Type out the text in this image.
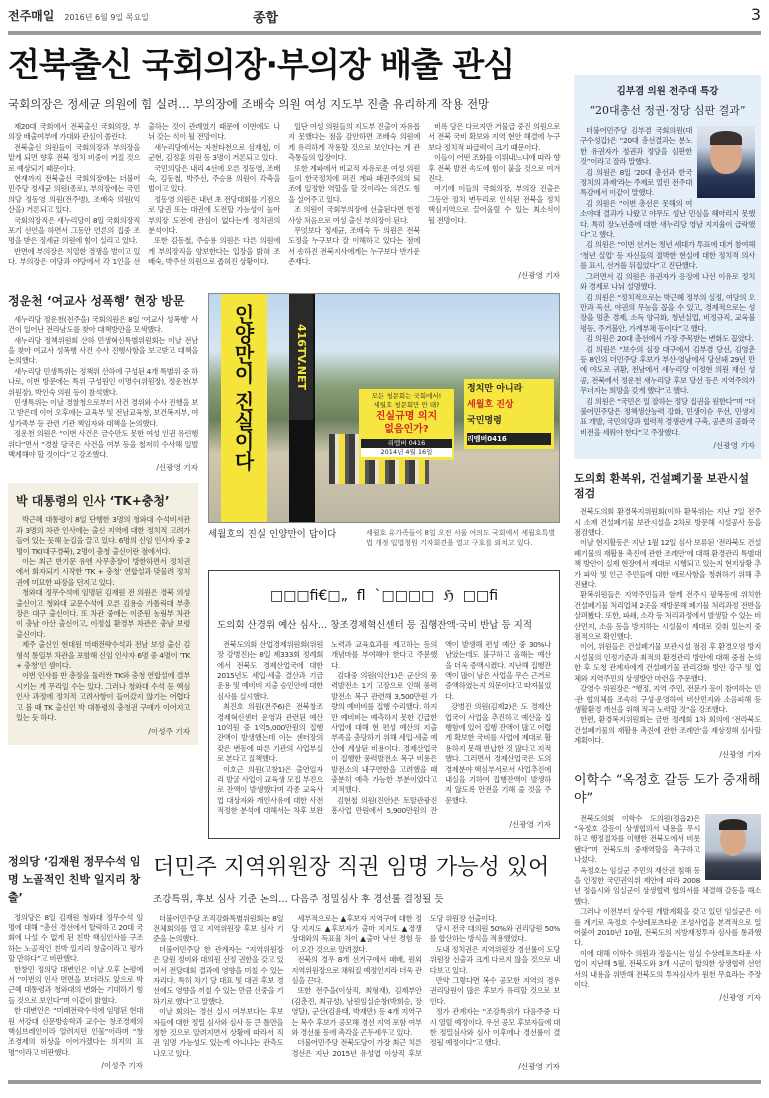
전주매일 2016년 6월 9일 목요일	종합	3
전북출신 국회의장·부의장 배출 관심
국회의장은 정세균 의원에 힘 실려… 부의장에 조배숙 의원 여성 지도부 진출 유리하게 작용 전망

제20대 국회에서 전북출신 국회의장, 부의장 배출여부에 가대와 관심이 쏠린다.

전북출신 의원들이 국회의장과 부의장을 맡게 되면 향후 전북 정치 비중이 커질 것으로 예상되기 때문이다.

현재까지 전북출신 국회의장에는 더불어민주당 정세균 의원(종로), 부의장에는 국민의당 정동영 의원(전주병), 조배숙 의원(익산을) 거론되고 있다.

국회의장직은 새누리당이 8일 국회의장직 포기 선언을 하면서 그동안 언론의 집중 조명을 받은 정세균 의원에 힘이 실리고 있다.

반면에 부의장은 치열한 경쟁을 벌이고 있다. 부의장은 여당과 야당에서 각 1인을 선출하는 것이 관례였기 때문에 이번에도 나뉘 갖는 식이 될 전망이다.

새누리당에서는 자천타천으로 심재철, 이군현, 김정훈 의원 등 3명이 거론되고 있다.

국민의당은 내리 4선에 오른 정동영, 조배숙, 김동철, 박주선, 주승용 의원이 각축을 벌이고 있다.

정동영 의원은 내년 초 전당대회를 기점으로 당권 또는 대권에 도전할 가능성이 높아 부의장 도전에 관심이 없다는게 정치권의 분석이다.

또한 김동철, 주승용 의원은 다른 의원에게 부의장직을 양보한다는 입장을 밝혀 조배숙, 박주선 의원으로 좁혀진 상황이다.

일단 여성 의원들의 지도부 진출이 자유롭지 못했다는 점을 감안하면 조배숙 의원에게 유리하게 작용할 것으로 보인다는 게 관측통들의 입장이다.

또한 계파에서 비교적 자유로운 여성 의원들이 한국정치에 퍼진 계파 패권주의의 퇴조에 일정한 역할을 할 것이라는 의견도 힘을 실어주고 있다.

조 의원이 국회부의장에 선출된다면 헌정사상 처음으로 여성 출신 부의장이 된다.

무엇보다 정세균, 조배숙 두 의원은 전북도정을 누구보다 잘 이해하고 있다는 점에서 송하진 전북지사에게는 누구보다 반가운 존재다.

비록 당은 다르지만 거물급 중진 의원으로서 전북 국비 확보와 지역 현안 해결에 누구보다 정치적 파급력이 크기 때문이다.

이들이 어떤 조화를 이뤄내느냐에 따라 향후 전북 발전 속도에 힘이 붙을 것으로 여겨진다.

여기에 이들의 국회의장, 부의장 진출은 그동안 정치 변두리로 인식된 전북을 정치 핵심지역으로 끌어올릴 수 있는 최소식이 될 전망이다.

/신광영 기자
정운천 ‘여교사 성폭행’ 현장 방문

새누리당 정운천(전주을) 국회의원은 8일 ‘여교사 성폭행’ 사건이 일어난 전라남도를 찾아 대책방안을 모색했다.

새누리당 정책위원회 산하 민생혁신특별위원회는 이날 전남을 찾아 여교사 성폭행 사건 수사 진행사항을 보고받고 대책을 논의했다.

새누리당 민생특위는 정책위 산하에 구성된 4개 특별위 중 하나로, 이번 방문에는 특위 구성원인 이명수(위원장), 정운천(부위원장), 박인숙 의원 등이 참석했다.

민생특위는 이날 경찰청으로부터 사건 경위와 수사 진행을 보고 받은데 이어 오후에는 교육부 및 전남교육청, 보건복지부, 여성가족부 등 관련 기관 책임자와 대책을 논의했다.

정운천 의원은 “이번 사건은 금수만도 못한 여성 인권 유린행위다”면서 “경찰 당국은 사건을 여부 등을 철저히 수사해 일벌백계해야 할 것이다”고 강조했다.

/신광영 기자
박 대통령의 인사 ‘TK+충청’

박근혜 대통령이 8일 단행한 3명의 청와대 수석비서관과 3명의 차관 인사에는 출신 지역에 대한 정치적 고려가 들어 있는 듯해 눈길을 끌고 있다. 6명의 신임 인사자 중 2명이 TK(대구경북), 2명이 충청 출신이란 점에서다.

이는 최근 반기문 유엔 사무총장이 방한하면서 정치권에서 회자되기 시작한 ‘TK + 충청’ 연합설과 맞물려 정치권에 미묘한 파장을 던지고 있다.

청와대 정무수석에 임명된 김재원 전 의원은 경북 의성 출신이고 청와대 교문수석에 오른 김용승 가톨릭대 부총장은 대구 출신이다. 또 차관 중에는 이준원 농림부 차관이 충남 아산 출신이고, 이정섭 환경부 차관은 충남 보령 출신이다.

제주 출신인 현대원 미래전략수석과 전남 보성 출신 김형석 통일부 차관을 포함해 신임 인사자 6명 중 4명이 ‘TK + 충청’인 셈이다.

이번 인사를 반 총장을 둘러싼 TK와 충청 연합설에 결부시키는 게 무리일 수는 있다. 그러나 청와대 수석 등 핵심 인사 과정에 정치적 고려사항이 들어갔지 않기는 어렵다고 볼 때 TK 출신인 박 대통령의 충청권 구애가 이어지고 있는 듯 하다.

/이성주 기자
인양만이 진실이다	416TV.NET
모든 청문회는 국회에서!
세월호 청문회만 안 돼?
진실규명 의지
없음인가?
리멤버 0416
2014년 4월 16일
정치만 아니라
세월호 진상
국민명령
리멤버0416
세월호의 진실 인양만이 답이다	세월호 유가족들이 8일 오전 서울 여의도 국회에서 세월호특별법 개정 입법청원 기자회견을 열고 구호를 외치고 있다.
□□□ﬁ€□„  ﬂ  ˋ□□□□  ℌ  □□ﬁ
도의회 산경위 예산 심사… 창조경제혁신센터 등 집행잔액·국비 반납 등 지적

전북도의회 산업경제위원회(위원장 강병진)는 8일 제333회 정례회에서 전북도 경제산업국에 대한 2015년도 세입·세출 결산과 기금운용 및 예비비 지출 승인안에 대한 심사를 실시했다.

최진호 의원(전주6)은 전북창조경제혁신센터 운영과 관련된 예산 10억원 중 1억5,000만원의 집행잔액이 발생했는데 이는 센터장의 잦은 변동에 따른 기관의 사업부실로 본다고 질책했다.

이호근 의원(고창1)은 출연일자리 발굴 사업이 교육생 모집 부진으로 잔액이 발생했다며 각종 교육사업 대상자와 개인사유에 대한 사전 적정한 분석에 대해서는 차후 보완 노력과 교육효과를 제고하는 등의 개념마를 부여해야 한다고 주문했다.

김대중 의원(익산1)은 군산의 풍력발전소 1기 고장으로 인해 풍력발전소 복구 관련해 3,500만원 가량의 예비비를 집행 수리했다. 하지만 예비비는 예측하지 못한 긴급한 사업에 대해 현 편성 예산의 지출 부족을 충당하기 위해 세입·세출 예산에 계상된 비용이다. 경제산업국이 집행한 풍력발전소 복구 비용은 발전소의 내구연한을 고려했을 때 충분히 예측 가능한 부분이었다고 지적했다.

김현철 의원(진안)은 토탈관광진흥사업 만원에서 5,900만원의 잔액이 발생해 편성 예산 중 30%나 남았는데도 불구하고 올해는 예산을 더욱 증액시켰다. 지난해 집행잔액이 많이 남은 사업을 무슨 근거로 증액하였는지 의문이다고 따져물었다.

강병진 의원(김제2)은 도 경제산업국이 사업을 추진하고 예산을 집행함에 있어 집행 잔액이 많고 어렵게 확보한 국비를 사업에 제대로 활용하지 못해 반납한 것 많다고 지적했다. 그러면서 경제산업국은 도의 경제분야 핵심부서로서 사업추진에 내실을 기하여 집행잔액이 발생하지 않도록 만전을 기해 줄 것을 주문했다.

/신광영 기자
정의당 ‘김재원 정무수석 임명 노골적인 친박 일지리 창출’

정의당은 8일 김재원 청와대 정무수석 임명에 대해 “총선 경선에서 탈락하고 20대 국회에 나설 수 없게 된 친박 핵심인사를 구조하는 노골적인 친박 일지리 창출이라고 평가할 만하다”고 비판했다.

한창민 정의당 대변인은 이날 오후 논평에서 “이번의 인사 면면을 보더라도 앞으로 박근혜 대통령과 청와대의 변화는 기대하기 힘들 것으로 보인다”며 이같이 밝혔다.

한 대변인은 “미래전략수석에 임명된 현대원 서강대 신문방송학과 교수는 창조경제의 핵심브레인이라 알려지던 인물”이라며 “창조경제의 허상을 이어가겠다는 의지의 표명”이라고 비판했다.

/이성주 기자
더민주 지역위원장 직권 임명 가능성 있어
조강특위, 후보 심사 기준 논의… 다음주 정밀심사 후 경선룰 결정될 듯

더불어민주당 조직강화특별위원회는 8일 전체회의를 열고 지역위원장 후보 심사 기준을 논의했다.

더불어민주당 한 관계자는 “지역위원장은 당원 정비와 대의원 선정 권한을 갖고 있어서 전당대회 결과에 영향을 미칠 수 있는 자리다. 특히 차기 당 대표 및 대권 후보 경선에도 영향을 끼칠 수 있는 만큼 신중을 기하기로 했다”고 말했다.

이날 회의는 경선 실시 여부보다는 후보자들에 대한 정밀 심사와 심사 등 큰 틀만을 정한 것으로 알려지면서 상황에 따라서 직권 임명 가능성도 있는게 아니냐는 관측도 나오고 있다.

세부적으로는 ▲후보자 지역구에 대한 정당 지지도 ▲후보자가 출마 지지도 ▲경쟁 상대와의 득표율 차이 ▲출마 낙선 경험 등이 오간 것으로 알려졌다.

전북의 경우 8개 선거구에서 패배, 원외 지역위원장으로 채워질 예정인지라 더욱 관심을 끈다.

또한 전주을(이상직, 최형재), 김제부안(김춘진, 최규성), 남원임실순창(박희승, 장영달), 군산(김윤태, 박재만) 등 4개 지역구는 복수 후보가 공모해 경선 지역 포함 여부와 경선룰 등에 촉각을 곤두세우고 있다.

더불어민주당 전북도당이 가장 최근 치른 경선은 지난 2015년 유성엽 이상직 후보 도당 위원장 선출이다.

당시 전국 대의원 50%와 권리당원 50%를 합산하는 방식을 적용했었다.

도내 정치권은 지역위원장 경선룰이 도당 위원장 선출과 크게 다르지 않을 것으로 내다보고 있다.

만약 그렇다면 복수 공모한 지역의 경우 권리당원이 많은 후보가 유리할 것으로 보인다.

정가 관계자는 “조강특위가 다음주중 다시 열릴 예정이다. 우선 공모 후보자들에 대한 정밀심사와 심사 이후에나 경선룰이 결정될 예정이다”고 했다.

/신광영 기자
김부겸 의원 전주대 특강
“20대총선 정권·정당 심판 결과”

더불어민주당 김부겸 국회의원(대구수성갑)은 “20대 총선결과는 분노한 유권자가 정권과 정당을 심판한 것”이라고 잘라 말했다.

김 의원은 8일 ‘20대 총선과 한국정치의 과제’라는 주제로 열린 전주대 특강에서 이같이 말했다.

김 의원은 “이번 총선은 못해의 여소야대 결과가 나왔고 야무도 성난 민심을 헤아리지 못했다. 특히 장노년층에 대한 새누리당 영남 지지율이 급락했다”고 했다.

김 의원은 “이번 선거는 청년 세대가 투표에 대거 참여해 ‘청년 실업’ 등 자신들의 절박한 현실에 대한 정치적 의사를 표시, 선거를 뒤집었다”고 진단했다.

그러면서 김 의원은 유권자가 응징에 나선 이유로 정치와 경제로 나눠 설명했다.

김 의원은 “정치적으로는 박근혜 정부의 실정, 여당의 오만과 독선, 야권의 무능을 꼽을 수 있고, 경제적으로는 성장을 멈춘 경제, 소득 양극화, 청년실업, 비정규직, 교육불평등, 주거불안, 가계부채 등이다”고 했다.

김 의원은 20대 총선에서 가장 주목받는 변화도 꼽았다.

김 의원은 “보수의 심장 대구에서 김부겸 당선, 김영춘 등 8인의 더민주당 후보가 부산·영남에서 당선돼 29년 만에 야도로 귀환, 전남에서 새누리당 이정현 의원 재선 성공, 전북에서 정운천 새누리당 후보 당선 등은 지역주의가 무너지는 희망을 갖게 했다”고 했다.

김 의원은 “국민은 일 잘하는 정당 집권을 원한다”며 “더불어민주당은 정책생산능력 강화, 민생이슈 우선, 민생지표 개발, 국민의당과 협력적 경쟁관계 구축, 공존의 공화국 비전을 세워야 한다”고 주장했다.

/신광영 기자
도의회 환복위, 건설폐기물 보관시설 점검

전북도의회 환경복지위원회(이하 환복위)는 지난 7일 전주시 소재 건설폐기물 보관시설을 2차로 방문해 시설공사 등을 점검했다.

이날 현지활동은 지난 1월 12일 심사 보류된 ‘전라북도 건설폐기물의 재활용 촉진에 관한 조례안’에 대해 환경관리 특별대책 방안이 실제 현장에서 제대로 시행되고 있는지 현지상황 추가 파악 및 인근 주민들에 대한 애로사항을 청취하기 위해 추진됐다.

환복위원들은 지역주민들과 함께 전주시 팔복동에 위치한 건설폐기물 처리업체 2곳을 재방문해 폐기물 처리과정 전반을 살펴봤다. 또한, 파쇄, 소각 등 처리과정에서 발생할 수 있는 비산먼지, 소음 등을 방지하는 시설물이 제대로 갖춰 있는지 중점적으로 확인했다.

이어, 위원들은 건설폐기물 보관시설 점검 후 환경오염 방지 시설물의 인정기준과 최적의 환경관리 방안에 대해 중점 논의한 후 도청 관계자에게 건설폐기물 관리강화 방안 강구 및 업체와 지역주민의 상생방안 마련을 주문했다.

강영수 위원장은 “행정, 지역 주민, 전문가 등이 참여하는 민·관 협의체를 조속히 구성·운영하여 비산먼지와 소음피해 등 생활환경 개선을 위해 적극 노력할 것”을 강조했다.

한편, 환경복지위원회는 금번 정례회 1차 회의에 ‘전라북도 건설폐기물의 재활용 촉진에 관한 조례안’을 재상정해 심사할 계획이다.

/신광영 기자
이학수 “옥정호 갈등 도가 중재해야”

전북도의회 이학수 도의원(정읍2)은 “옥정호 갈등이 상생협의서 내용을 무시하고 행정절차를 이행한 전북도에서 비롯됐다”며 전북도의 중재역할을 촉구하고 나섰다.

옥정호는 임실군 주민의 재산권 침해 등을 인정한 국민권익위 제안에 따라 2008년 정읍시와 임실군이 상생협력 협의서를 체결해 갈등을 해소했다.

그러나 이전부터 상수원 개발계획을 갖고 있던 임실군은 이를 계기로 옥정호 수상레포츠타운 조성사업을 본격적으로 밀어붙여 2010년 10월, 전북도의 지방재정투자 심사를 통과했다.

이에 대해 이학수 의원과 정읍시는 임실 수상레포츠타운 사업이 지난해 5월, 전북도와 3개 시군이 합의한 상생협력 선언서의 내용을 위반해 전북도의 투자심사가 원천 무효라는 주장이다.

/신광영 기자
